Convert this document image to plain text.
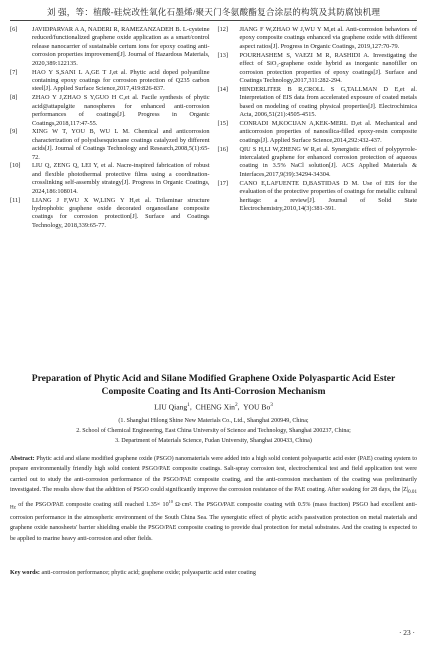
刘 强，等：植酸-硅烷改性氧化石墨烯/聚天门冬氨酸酯复合涂层的构筑及其防腐蚀机理
[6]	JAVIDPARVAR A A, NADERI R, RAMEZANZADEH B. L-cysteine reduced/functionalized graphene oxide application as a smart/control release nanocarrier of sustainable cerium ions for epoxy coating anti-corrosion properties improvement[J]. Journal of Hazardous Materials, 2020,389:122135.
[7]	HAO Y S,SANI L A,GE T J,et al. Phytic acid doped polyaniline containing epoxy coatings for corrosion protection of Q235 carbon steel[J]. Applied Surface Science,2017,419:826-837.
[8]	ZHAO Y J,ZHAO S Y,GUO H C,et al. Facile synthesis of phytic acid@attapulgite nanospheres for enhanced anti-corrosion performances of coatings[J]. Progress in Organic Coatings,2018,117:47-55.
[9]	XING W T, YOU B, WU L M. Chemical and anticorrosion characterization of polysilsesquioxane coatings catalyzed by different acids[J]. Journal of Coatings Technology and Research,2008,5(1):65-72.
[10]	LIU Q, ZENG Q, LEI Y, et al. Nacre-inspired fabrication of robust and flexible photothermal protective films using a coordination-crosslinking self-assembly strategy[J]. Progress in Organic Coatings, 2024,186:108014.
[11]	LIANG J F,WU X W,LING Y H,et al. Trilaminar structure hydrophobic graphene oxide decorated organosilane composite coatings for corrosion protection[J]. Surface and Coatings Technology, 2018,339:65-77.
[12]	JIANG F W,ZHAO W J,WU Y M,et al. Anti-corrosion behaviors of epoxy composite coatings enhanced via graphene oxide with different aspect ratios[J]. Progress in Organic Coatings, 2019,127:70-79.
[13]	POURHASHEM S, VAEZI M R, RASHIDI A. Investigating the effect of SiO₂-graphene oxide hybrid as inorganic nanofiller on corrosion protection properties of epoxy coatings[J]. Surface and Coatings Technology,2017,311:282-294.
[14]	HINDERLITER B R,CROLL S G,TALLMAN D E,et al. Interpretation of EIS data from accelerated exposure of coated metals based on modeling of coating physical properties[J]. Electrochimica Acta, 2006,51(21):4505-4515.
[15]	CONRADI M,KOCIJAN A,KEK-MERL D,et al. Mechanical and anticorrosion properties of nanosilica-filled epoxy-resin composite coatings[J]. Applied Surface Science,2014,292:432-437.
[16]	QIU S H,LI W,ZHENG W R,et al. Synergistic effect of polypyrrole-intercalated graphene for enhanced corrosion protection of aqueous coating in 3.5% NaCl solution[J]. ACS Applied Materials & Interfaces,2017,9(39):34294-34304.
[17]	CANO E,LAFUENTE D,BASTIDAS D M. Use of EIS for the evaluation of the protective properties of coatings for metallic cultural heritage: a review[J]. Journal of Solid State Electrochemistry,2010,14(3):381-391.
Preparation of Phytic Acid and Silane Modified Graphene Oxide Polyaspartic Acid Ester
Composite Coating and Its Anti-Corrosion Mechanism
LIU Qiang$^1$,  CHENG Xin$^2$,  YOU Bo$^3$
(1. Shanghai Hilong Shine New Materials Co., Ltd., Shanghai 200949, China;
2. School of Chemical Engineering, East China University of Science and Technology, Shanghai 200237, China;
3. Department of Materials Science, Fudan University, Shanghai 200433, China)
Abstract: Phytic acid and silane modified graphene oxide (PSGO) nanomaterials were added into a high solid content polyaspartic acid ester (PAE) coating system to prepare environmentally friendly high solid content PSGO/PAE composite coatings. Salt-spray corrosion test, electrochemical test and field application test were carried out to study the anti-corrosion performance of the PSGO/PAE composite coating, and the anti-corrosion mechanism of the coating was preliminarily investigated. The results show that the addition of PSGO could significantly improve the corrosion resistance of the PAE coating. After soaking for 28 days, the $|Z|_{0.01 Hz}$ of the PSGO/PAE composite coating still reached $1.35\times 10^{10}$ Ω·cm². The PSGO/PAE composite coating with 0.5% (mass fraction) PSGO had excellent anti-corrosion performance in the atmospheric environment of the South China Sea. The synergistic effect of phytic acid's passivation protection on metal materials and graphene oxide nanosheets' barrier shielding enable the PSGO/PAE composite coating to provide dual protection for metal substrates. And the coating is expected to be applied to marine heavy anti-corrosion and other fields.
Key words: anti-corrosion performance; phytic acid; graphene oxide; polyaspartic acid ester coating
· 23 ·
